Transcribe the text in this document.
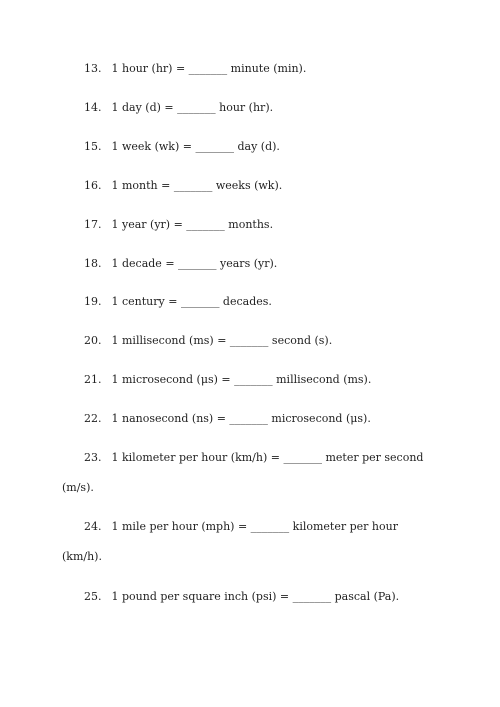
13. 1 hour (hr) = _______ minute (min).
14. 1 day (d) = _______ hour (hr).
15. 1 week (wk) = _______ day (d).
16. 1 month = _______ weeks (wk).
17. 1 year (yr) = _______ months.
18. 1 decade = _______ years (yr).
19. 1 century = _______ decades.
20. 1 millisecond (ms) = _______ second (s).
21. 1 microsecond (μs) = _______ millisecond (ms).
22. 1 nanosecond (ns) = _______ microsecond (μs).
23. 1 kilometer per hour (km/h) = _______ meter per second
(m/s).
24. 1 mile per hour (mph) = _______ kilometer per hour
(km/h).
25. 1 pound per square inch (psi) = _______ pascal (Pa).
